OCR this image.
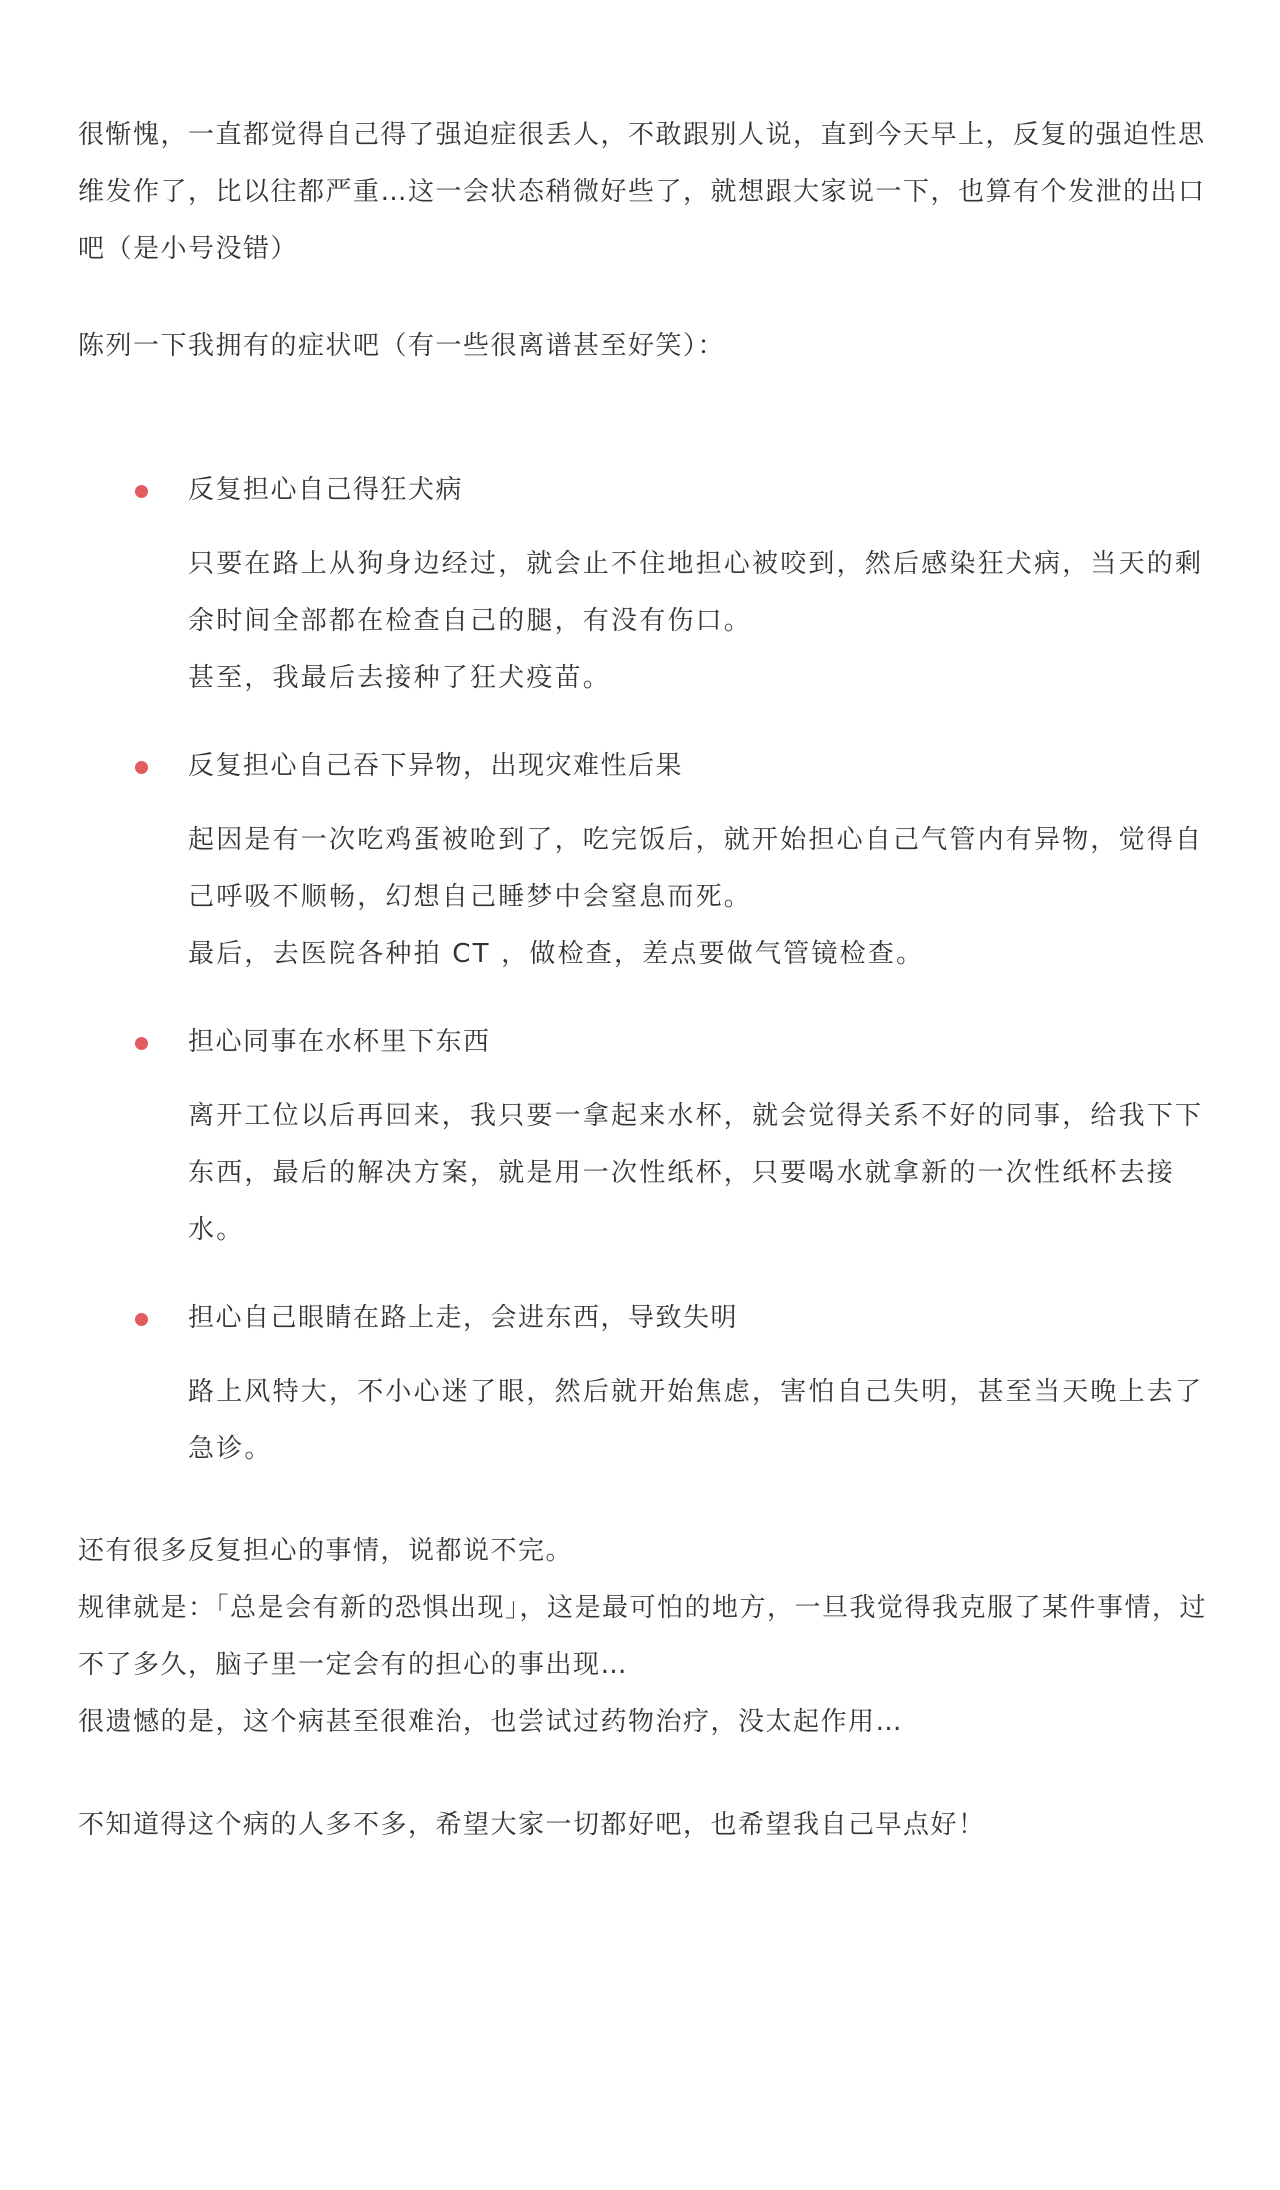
很惭愧，一直都觉得自己得了强迫症很丢人，不敢跟别人说，直到今天早上，反复的强迫性思维发作了，比以往都严重…这一会状态稍微好些了，就想跟大家说一下，也算有个发泄的出口吧（是小号没错）

陈列一下我拥有的症状吧（有一些很离谱甚至好笑）：

反复担心自己得狂犬病

只要在路上从狗身边经过，就会止不住地担心被咬到，然后感染狂犬病，当天的剩余时间全部都在检查自己的腿，有没有伤口。

甚至，我最后去接种了狂犬疫苗。

反复担心自己吞下异物，出现灾难性后果

起因是有一次吃鸡蛋被呛到了，吃完饭后，就开始担心自己气管内有异物，觉得自己呼吸不顺畅，幻想自己睡梦中会窒息而死。

最后，去医院各种拍 CT ，做检查，差点要做气管镜检查。

担心同事在水杯里下东西

离开工位以后再回来，我只要一拿起来水杯，就会觉得关系不好的同事，给我下下东西，最后的解决方案，就是用一次性纸杯，只要喝水就拿新的一次性纸杯去接水。

担心自己眼睛在路上走，会进东西，导致失明

路上风特大，不小心迷了眼，然后就开始焦虑，害怕自己失明，甚至当天晚上去了急诊。

还有很多反复担心的事情，说都说不完。

规律就是：「总是会有新的恐惧出现」，这是最可怕的地方，一旦我觉得我克服了某件事情，过不了多久，脑子里一定会有的担心的事出现…

很遗憾的是，这个病甚至很难治，也尝试过药物治疗，没太起作用…

不知道得这个病的人多不多，希望大家一切都好吧，也希望我自己早点好！
